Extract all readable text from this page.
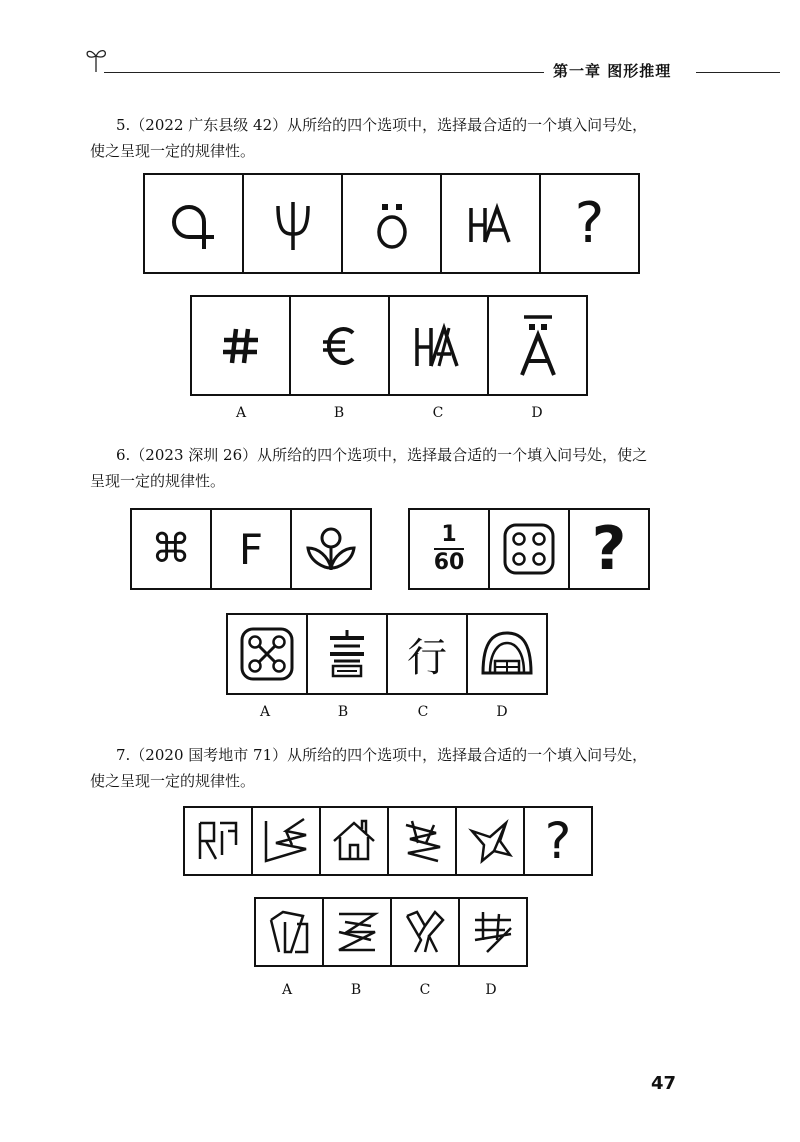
第一章 图形推理
5.（2022 广东县级 42）从所给的四个选项中，选择最合适的一个填入问号处，
使之呈现一定的规律性。
?
A	B	C	D
6.（2023 深圳 26）从所给的四个选项中，选择最合适的一个填入问号处，使之
呈现一定的规律性。
⌘ F	1
60 ?
行
A	B	C	D
7.（2020 国考地市 71）从所给的四个选项中，选择最合适的一个填入问号处，
使之呈现一定的规律性。
?
A	B	C	D
47
